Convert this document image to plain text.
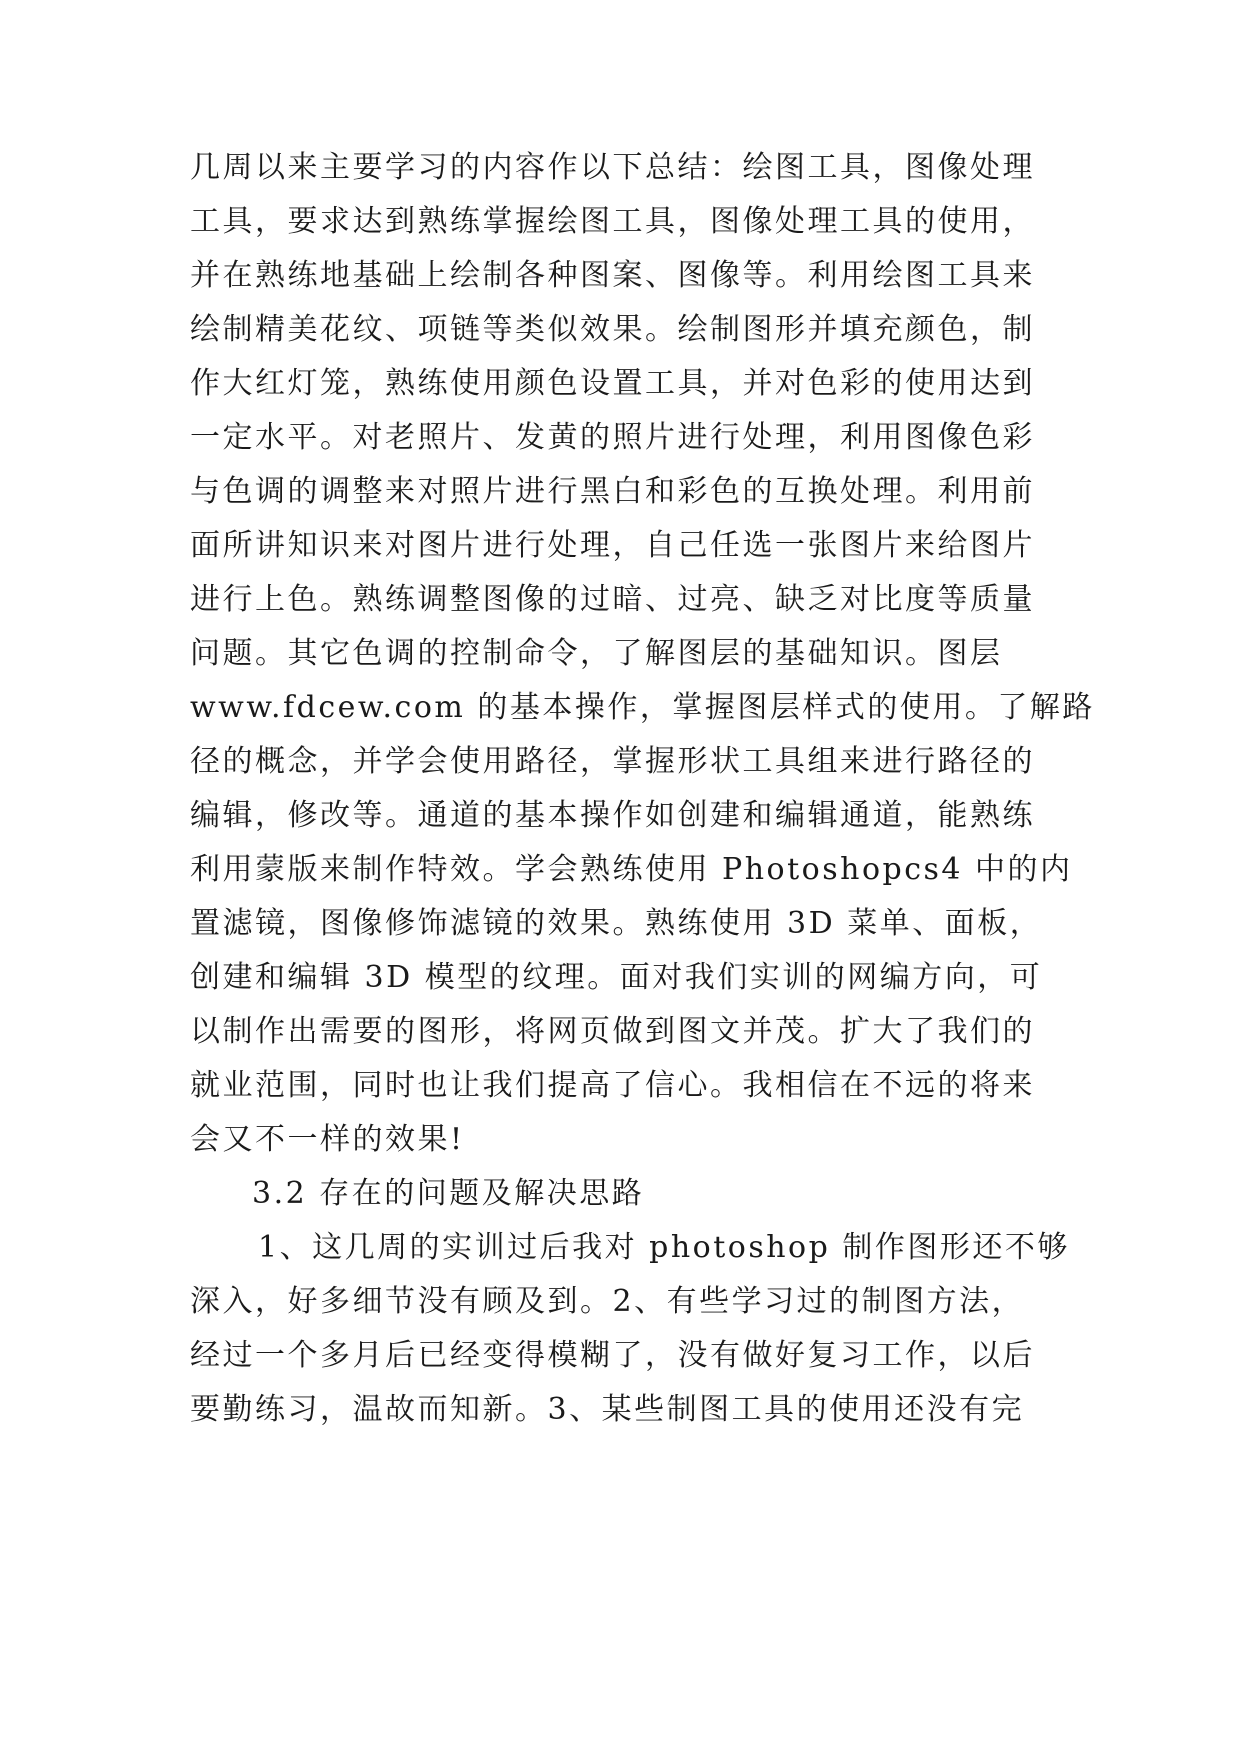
几周以来主要学习的内容作以下总结：绘图工具，图像处理
工具，要求达到熟练掌握绘图工具，图像处理工具的使用，
并在熟练地基础上绘制各种图案、图像等。利用绘图工具来
绘制精美花纹、项链等类似效果。绘制图形并填充颜色，制
作大红灯笼，熟练使用颜色设置工具，并对色彩的使用达到
一定水平。对老照片、发黄的照片进行处理，利用图像色彩
与色调的调整来对照片进行黑白和彩色的互换处理。利用前
面所讲知识来对图片进行处理，自己任选一张图片来给图片
进行上色。熟练调整图像的过暗、过亮、缺乏对比度等质量
问题。其它色调的控制命令，了解图层的基础知识。图层
www.fdcew.com 的基本操作，掌握图层样式的使用。了解路
径的概念，并学会使用路径，掌握形状工具组来进行路径的
编辑，修改等。通道的基本操作如创建和编辑通道，能熟练
利用蒙版来制作特效。学会熟练使用 Photoshopcs4 中的内
置滤镜，图像修饰滤镜的效果。熟练使用 3D 菜单、面板，
创建和编辑 3D 模型的纹理。面对我们实训的网编方向，可
以制作出需要的图形，将网页做到图文并茂。扩大了我们的
就业范围，同时也让我们提高了信心。我相信在不远的将来
会又不一样的效果!
3.2 存在的问题及解决思路
1、这几周的实训过后我对 photoshop 制作图形还不够
深入，好多细节没有顾及到。2、有些学习过的制图方法，
经过一个多月后已经变得模糊了，没有做好复习工作，以后
要勤练习，温故而知新。3、某些制图工具的使用还没有完
